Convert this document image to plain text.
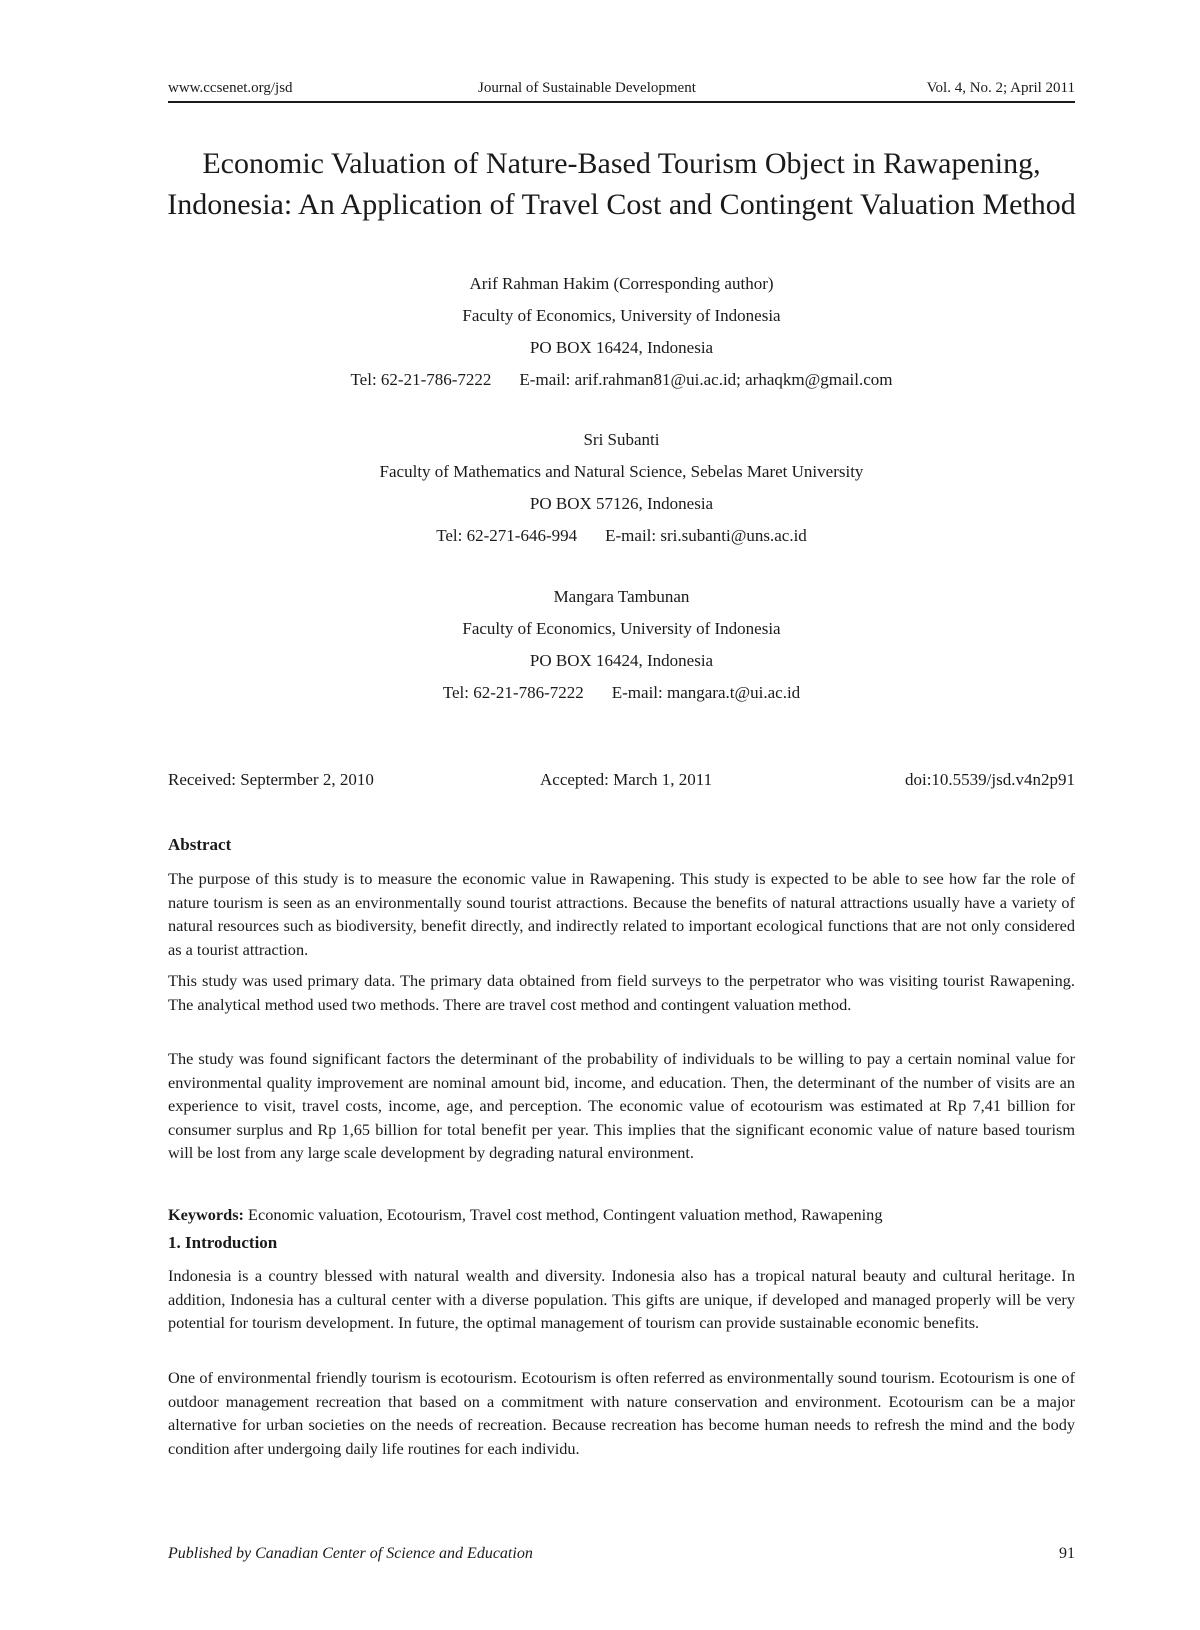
www.ccsenet.org/jsd	Journal of Sustainable Development	Vol. 4, No. 2; April 2011
Economic Valuation of Nature-Based Tourism Object in Rawapening, Indonesia: An Application of Travel Cost and Contingent Valuation Method
Arif Rahman Hakim (Corresponding author)
Faculty of Economics, University of Indonesia
PO BOX 16424, Indonesia
Tel: 62-21-786-7222 E-mail: arif.rahman81@ui.ac.id; arhaqkm@gmail.com
Sri Subanti
Faculty of Mathematics and Natural Science, Sebelas Maret University
PO BOX 57126, Indonesia
Tel: 62-271-646-994 E-mail: sri.subanti@uns.ac.id
Mangara Tambunan
Faculty of Economics, University of Indonesia
PO BOX 16424, Indonesia
Tel: 62-21-786-7222 E-mail: mangara.t@ui.ac.id
Received: Septermber 2, 2010	Accepted: March 1, 2011	doi:10.5539/jsd.v4n2p91
Abstract

The purpose of this study is to measure the economic value in Rawapening. This study is expected to be able to see how far the role of nature tourism is seen as an environmentally sound tourist attractions. Because the benefits of natural attractions usually have a variety of natural resources such as biodiversity, benefit directly, and indirectly related to important ecological functions that are not only considered as a tourist attraction.

This study was used primary data. The primary data obtained from field surveys to the perpetrator who was visiting tourist Rawapening. The analytical method used two methods. There are travel cost method and contingent valuation method.

The study was found significant factors the determinant of the probability of individuals to be willing to pay a certain nominal value for environmental quality improvement are nominal amount bid, income, and education. Then, the determinant of the number of visits are an experience to visit, travel costs, income, age, and perception. The economic value of ecotourism was estimated at Rp 7,41 billion for consumer surplus and Rp 1,65 billion for total benefit per year. This implies that the significant economic value of nature based tourism will be lost from any large scale development by degrading natural environment.

Keywords: Economic valuation, Ecotourism, Travel cost method, Contingent valuation method, Rawapening

1. Introduction

Indonesia is a country blessed with natural wealth and diversity. Indonesia also has a tropical natural beauty and cultural heritage. In addition, Indonesia has a cultural center with a diverse population. This gifts are unique, if developed and managed properly will be very potential for tourism development. In future, the optimal management of tourism can provide sustainable economic benefits.

One of environmental friendly tourism is ecotourism. Ecotourism is often referred as environmentally sound tourism. Ecotourism is one of outdoor management recreation that based on a commitment with nature conservation and environment. Ecotourism can be a major alternative for urban societies on the needs of recreation. Because recreation has become human needs to refresh the mind and the body condition after undergoing daily life routines for each individu.

Published by Canadian Center of Science and Education	91
